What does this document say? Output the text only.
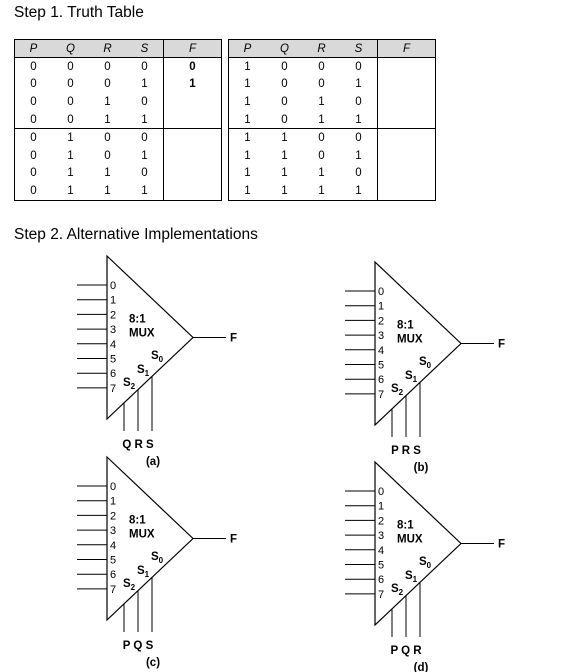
Step 1. Truth Table
P	Q	R	S	F
0	0	0	0	0
0	0	0	1	1
0	0	1	0	
0	0	1	1	
0	1	0	0	
0	1	0	1	
0	1	1	0	
0	1	1	1	
P	Q	R	S	F
1	0	0	0	
1	0	0	1	
1	0	1	0	
1	0	1	1	
1	1	0	0	
1	1	0	1	
1	1	1	0	
1	1	1	1	
Step 2. Alternative Implementations
0
1
2
3
4
5
6
7
8:1
MUX	F
$S_0$
$S_1$
$S_2$
Q R S
(a)
0
1
2
3
4
5
6
7
8:1
MUX	F
$S_0$
$S_1$
$S_2$
P R S
(b)
0
1
2
3
4
5
6
7
8:1
MUX	F
$S_0$
$S_1$
$S_2$
P Q S
(c)
0
1
2
3
4
5
6
7
8:1
MUX	F
$S_0$
$S_1$
$S_2$
P Q R
(d)
